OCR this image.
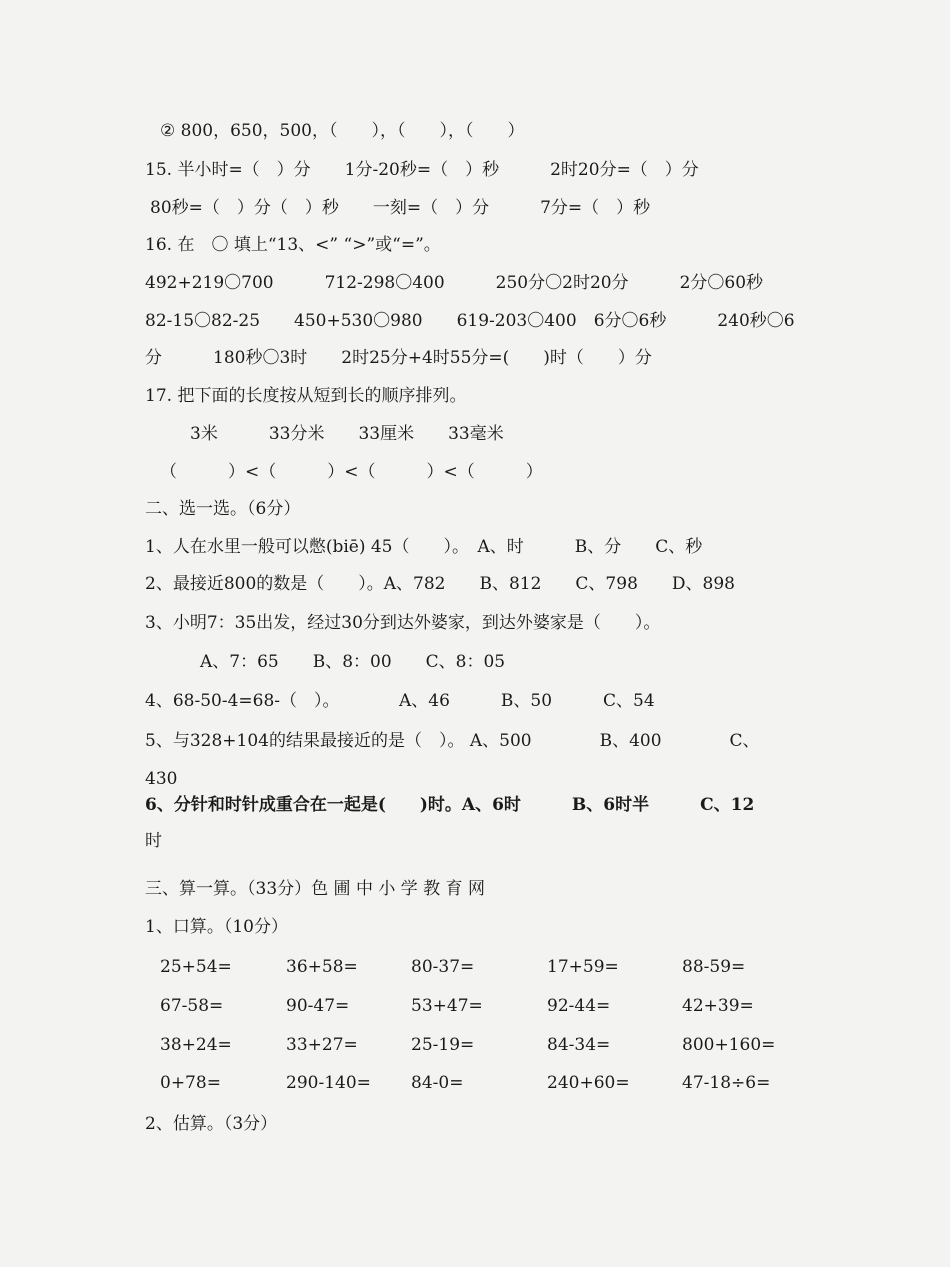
② 800，650，500，（　　），（　　），（　　）
15. 半小时=（　）分　　1分-20秒=（　）秒　　　2时20分=（　）分
80秒=（　）分（　）秒　　一刻=（　）分　　　7分=（　）秒
16. 在　〇 填上“13、<” “>”或“=”。
492+219〇700　　　712-298〇400　　　250分〇2时20分　　　2分〇60秒
82-15〇82-25　　450+530〇980　　619-203〇400　6分〇6秒　　　240秒〇6
分　　　180秒〇3时　　2时25分+4时55分=(　　)时（　　）分
17. 把下面的长度按从短到长的顺序排列。
3米　　　33分米　　33厘米　　33毫米
（　　　）<（　　　）<（　　　）<（　　　）
二、选一选。（6分）
1、人在水里一般可以憋(biē) 45（　　）。　A、时　　　B、分　　C、秒
2、最接近800的数是（　　）。A、782　　B、812　　C、798　　D、898
3、小明7：35出发，经过30分到达外婆家，到达外婆家是（　　）。
A、7：65　　B、8：00　　C、8：05
4、68-50-4=68-（　）。　　　　A、46　　　B、50　　　C、54
5、与328+104的结果最接近的是（　）。 A、500　　　　B、400　　　　C、
430
6、分针和时针成重合在一起是(　　)时。A、6时　　　B、6时半　　　C、12
时
三、算一算。（33分）色 圃 中 小 学 教 育 网
1、口算。（10分）
25+54=	36+58=	80-37=	17+59=	88-59=
67-58=	90-47=	53+47=	92-44=	42+39=
38+24=	33+27=	25-19=	84-34=	800+160=
0+78=	290-140= 84-0=	240+60=	47-18÷6=
2、估算。（3分）
